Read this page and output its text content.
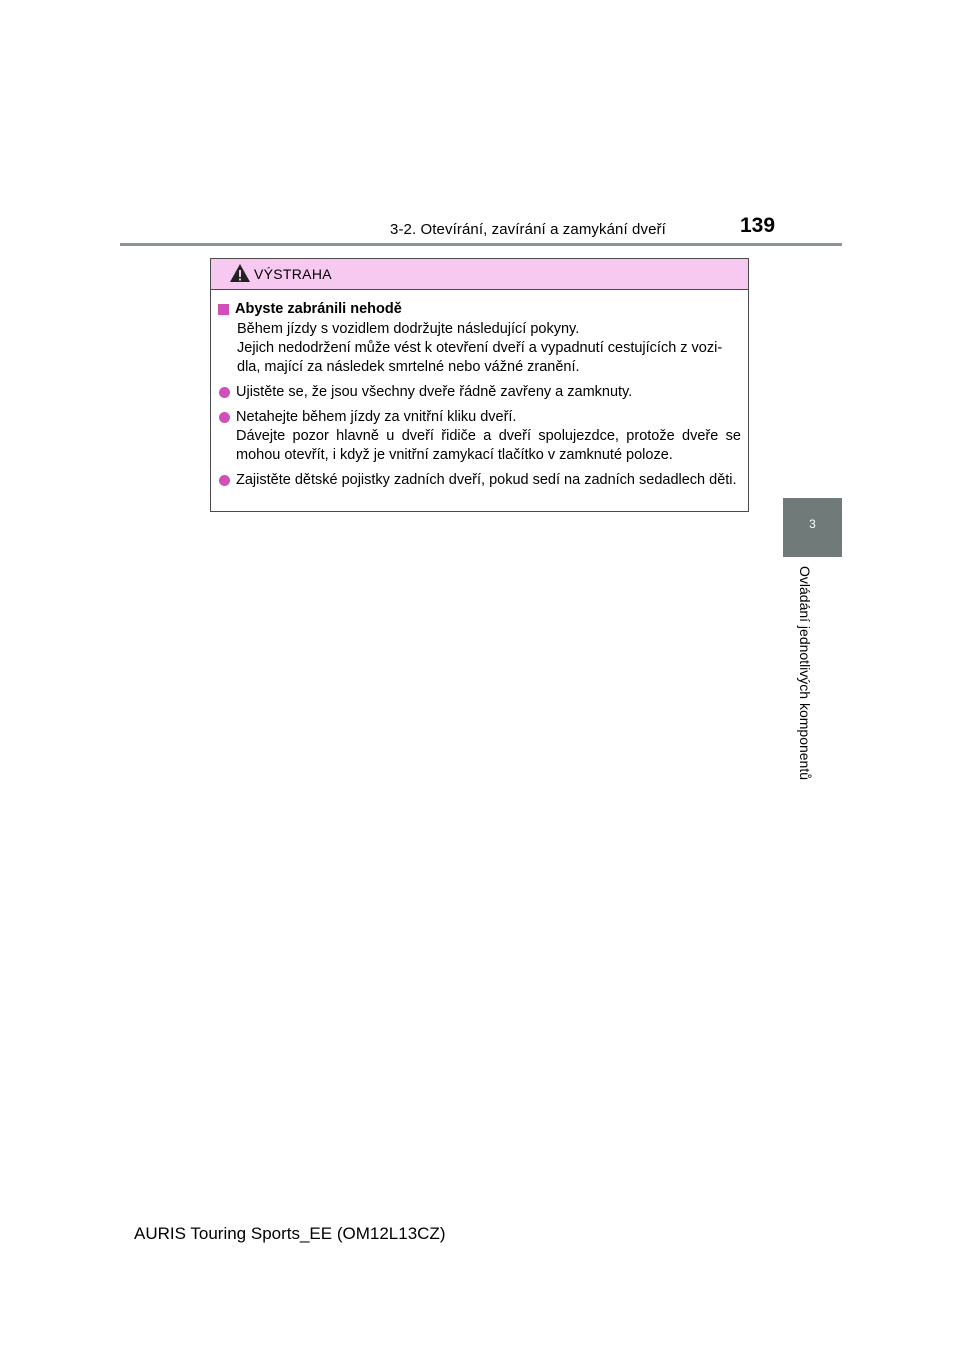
3-2. Otevírání, zavírání a zamykání dveří	139
3
Ovládání jednotlivých komponentů
VÝSTRAHA
Abyste zabránili nehodě
Během jízdy s vozidlem dodržujte následující pokyny.
Jejich nedodržení může vést k otevření dveří a vypadnutí cestujících z vozi-
dla, mající za následek smrtelné nebo vážné zranění.
Ujistěte se, že jsou všechny dveře řádně zavřeny a zamknuty.
Netahejte během jízdy za vnitřní kliku dveří.
Dávejte pozor hlavně u dveří řidiče a dveří spolujezdce, protože dveře se mohou otevřít, i když je vnitřní zamykací tlačítko v zamknuté poloze.
Zajistěte dětské pojistky zadních dveří, pokud sedí na zadních sedadlech děti.
AURIS Touring Sports_EE (OM12L13CZ)
